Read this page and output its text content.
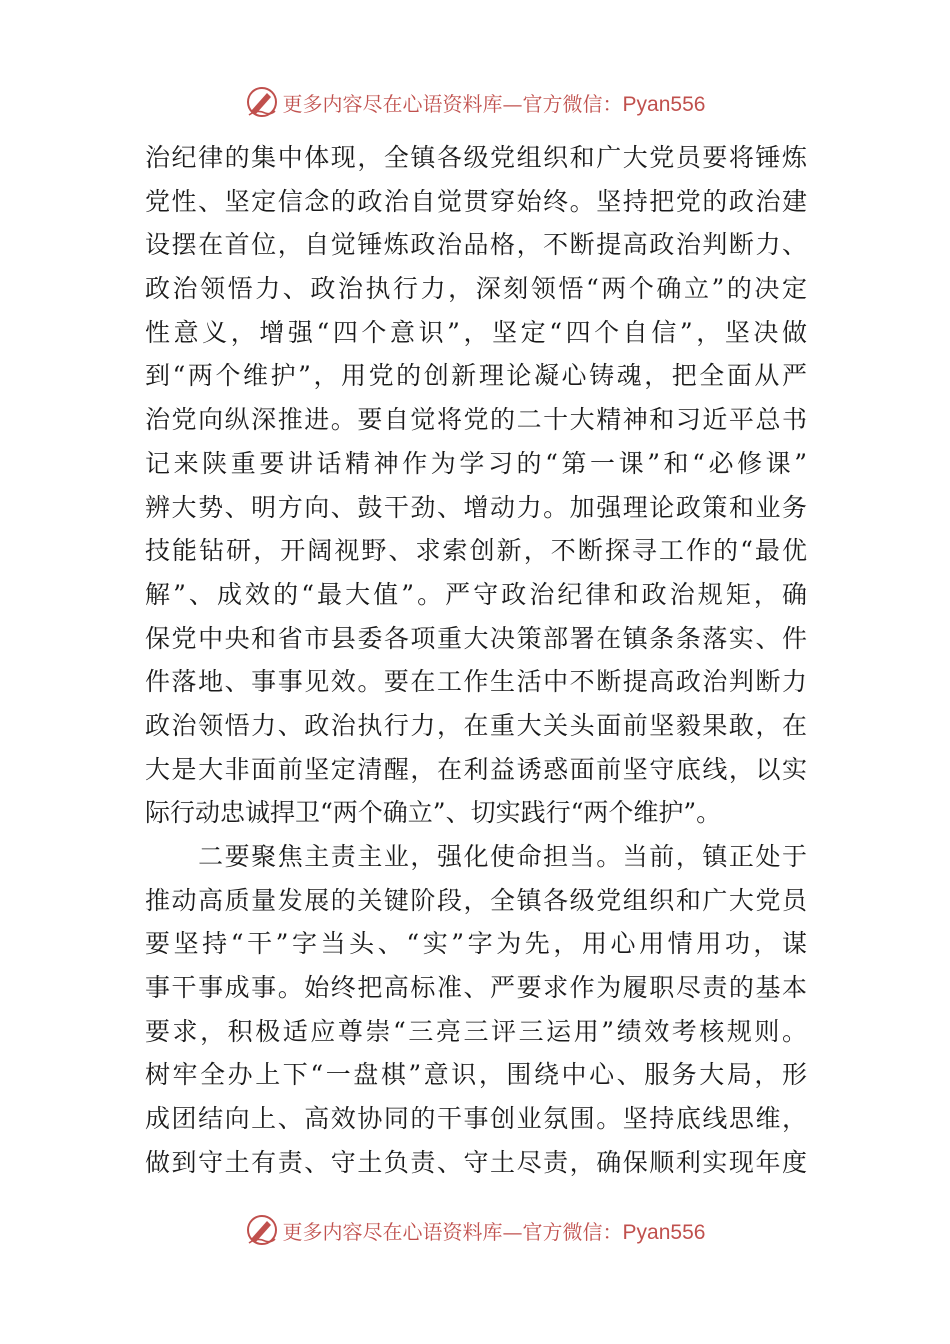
更多内容尽在心语资料库—官方微信：Pyan556
治纪律的集中体现，全镇各级党组织和广大党员要将锤炼
党性、坚定信念的政治自觉贯穿始终。坚持把党的政治建
设摆在首位，自觉锤炼政治品格，不断提高政治判断力、
政治领悟力、政治执行力，深刻领悟“两个确立”的决定
性意义，增强“四个意识”，坚定“四个自信”，坚决做
到“两个维护”，用党的创新理论凝心铸魂，把全面从严
治党向纵深推进。要自觉将党的二十大精神和习近平总书
记来陕重要讲话精神作为学习的“第一课”和“必修课”
辨大势、明方向、鼓干劲、增动力。加强理论政策和业务
技能钻研，开阔视野、求索创新，不断探寻工作的“最优
解”、成效的“最大值”。严守政治纪律和政治规矩，确
保党中央和省市县委各项重大决策部署在镇条条落实、件
件落地、事事见效。要在工作生活中不断提高政治判断力
政治领悟力、政治执行力，在重大关头面前坚毅果敢，在
大是大非面前坚定清醒，在利益诱惑面前坚守底线，以实
际行动忠诚捍卫“两个确立”、切实践行“两个维护”。
　　二要聚焦主责主业，强化使命担当。当前，镇正处于
推动高质量发展的关键阶段，全镇各级党组织和广大党员
要坚持“干”字当头、“实”字为先，用心用情用功，谋
事干事成事。始终把高标准、严要求作为履职尽责的基本
要求，积极适应尊崇“三亮三评三运用”绩效考核规则。
树牢全办上下“一盘棋”意识，围绕中心、服务大局，形
成团结向上、高效协同的干事创业氛围。坚持底线思维，
做到守土有责、守土负责、守土尽责，确保顺利实现年度
更多内容尽在心语资料库—官方微信：Pyan556
